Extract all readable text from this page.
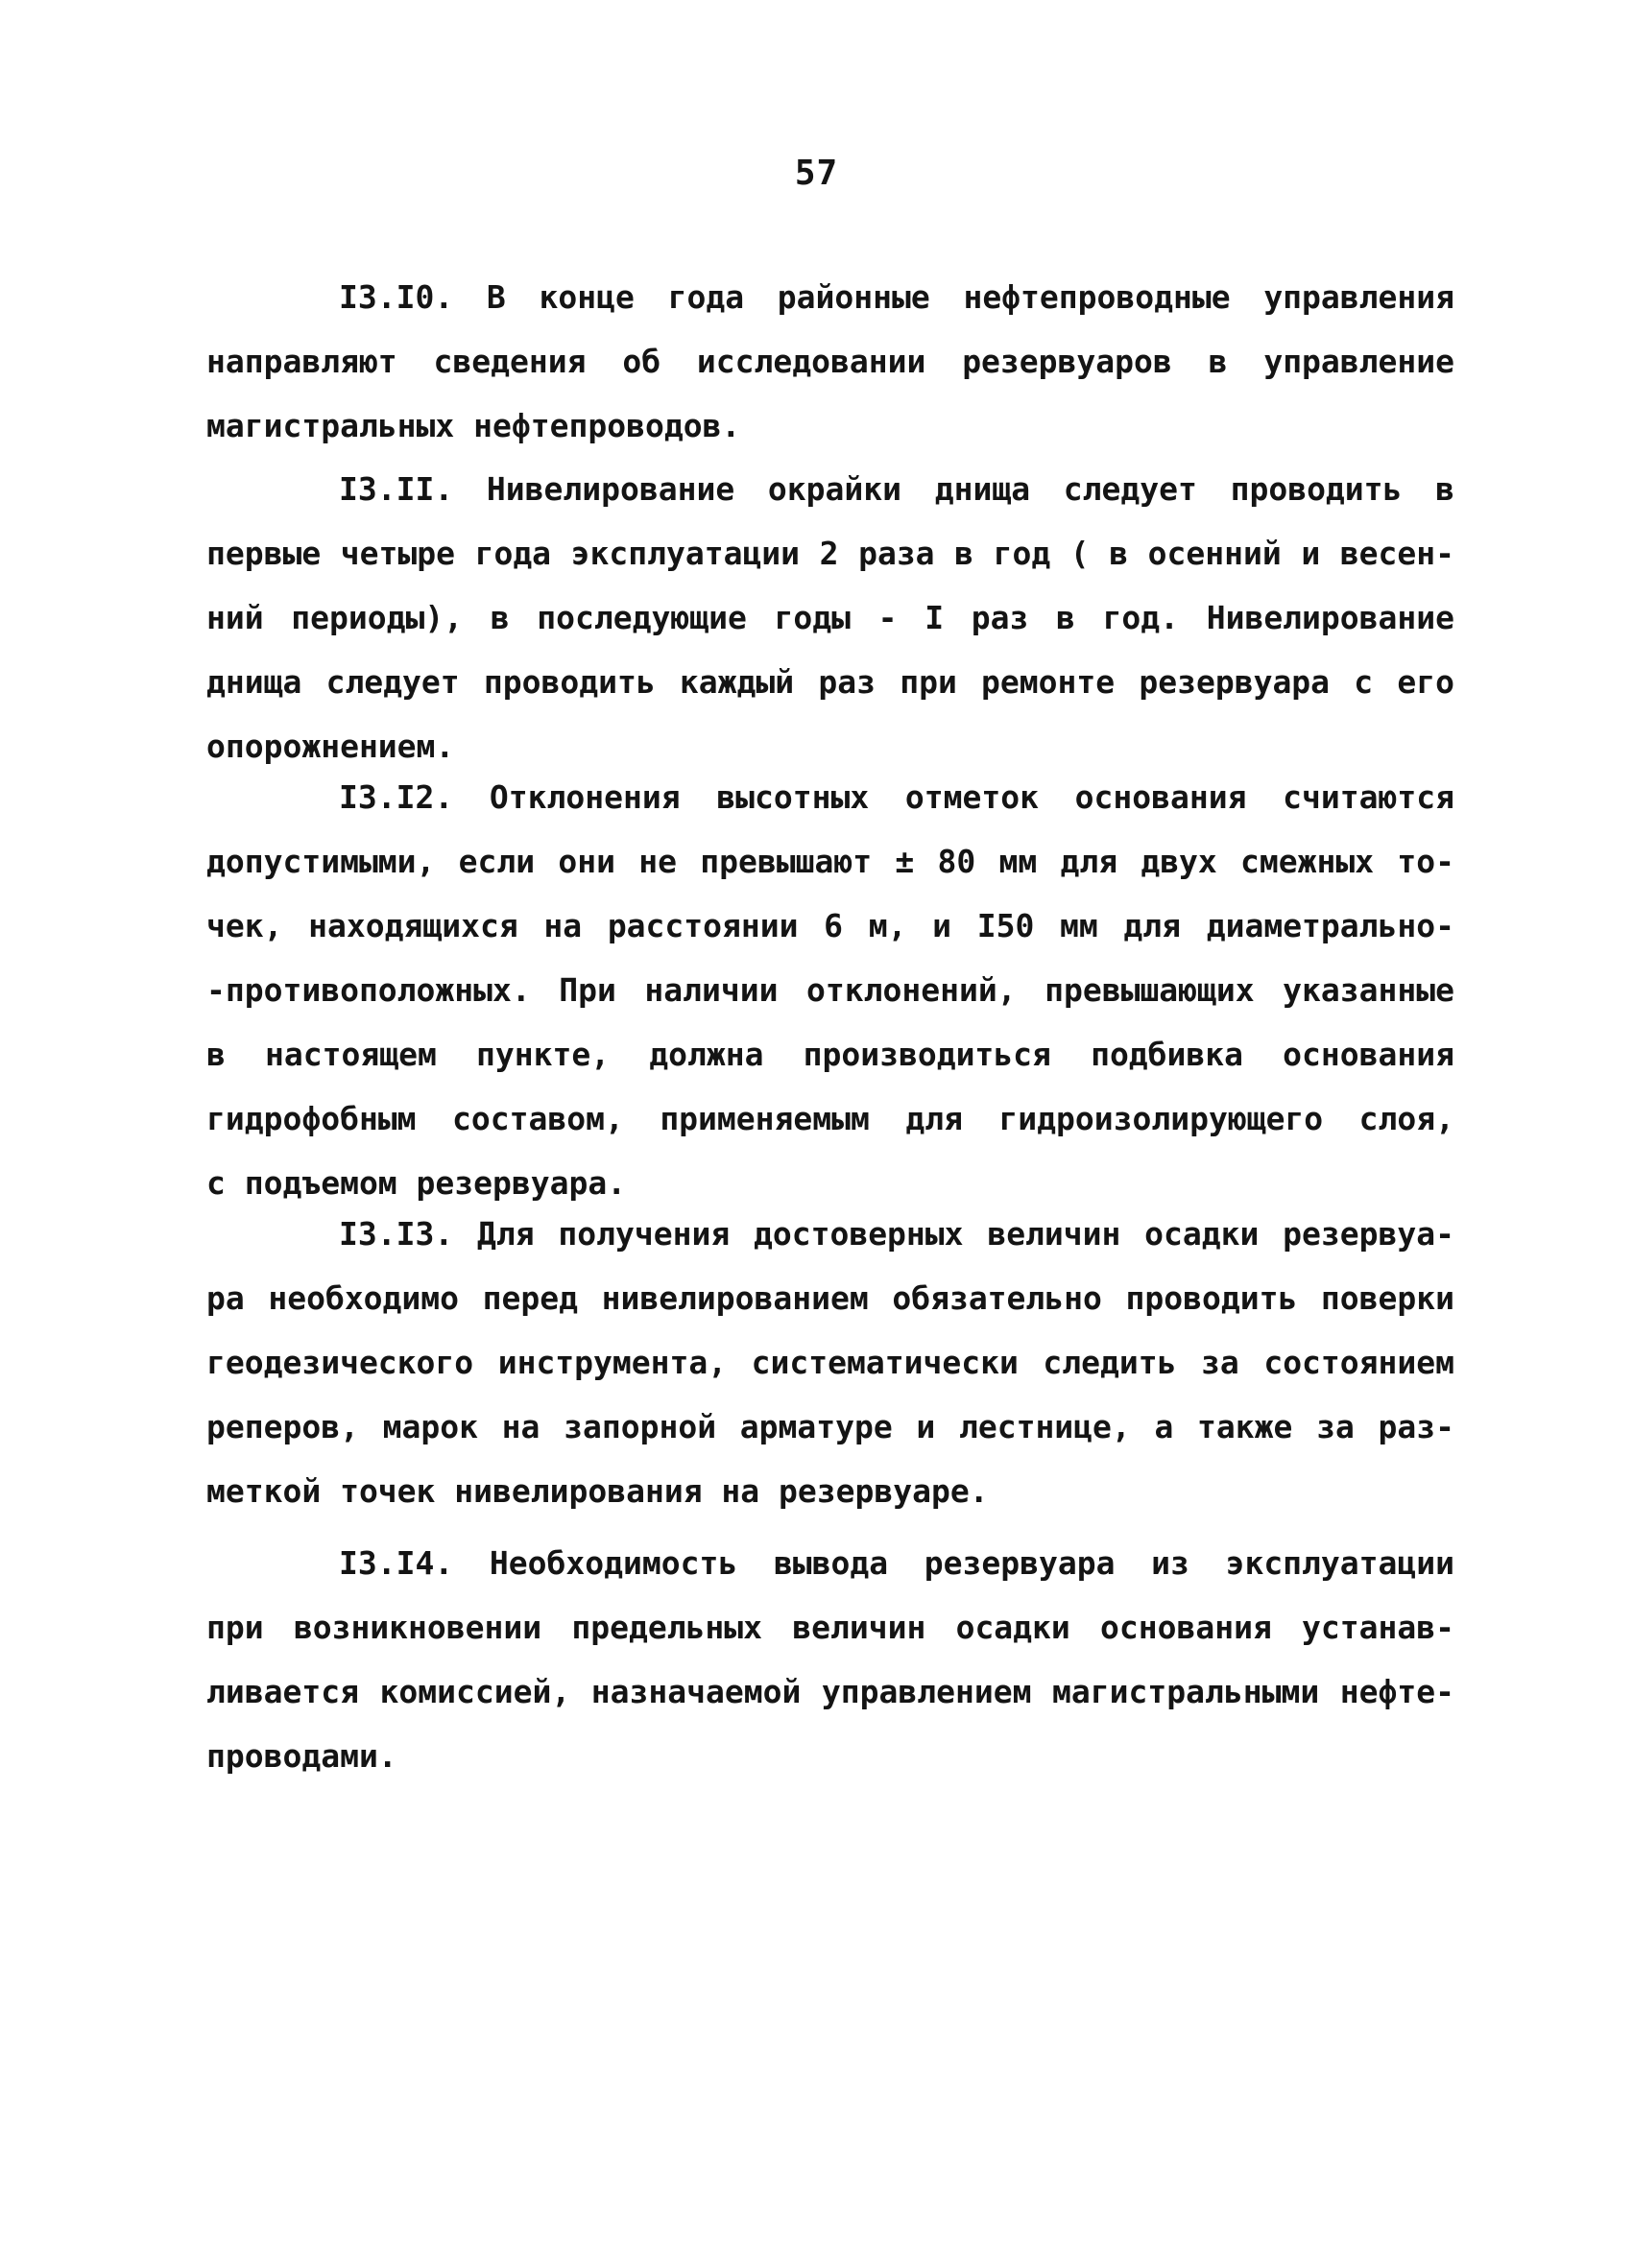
57
I3.I0. В конце года районные нефтепроводные управления
направляют сведения об исследовании резервуаров в управление
магистральных нефтепроводов.
I3.II. Нивелирование окрайки днища следует проводить в
первые четыре года эксплуатации 2 раза в год ( в осенний и весен-
ний периоды), в последующие годы - I раз в год. Нивелирование
днища следует проводить каждый раз при ремонте резервуара с его
опорожнением.
I3.I2. Отклонения высотных отметок основания считаются
допустимыми, если они не превышают ± 80 мм для двух смежных то-
чек, находящихся на расстоянии 6 м, и I50 мм для диаметрально-
-противоположных. При наличии отклонений, превышающих указанные
в настоящем пункте, должна производиться подбивка основания
гидрофобным составом, применяемым для гидроизолирующего слоя,
с подъемом резервуара.
I3.I3. Для получения достоверных величин осадки резервуа-
ра необходимо перед нивелированием обязательно проводить поверки
геодезического инструмента, систематически следить за состоянием
реперов, марок на запорной арматуре и лестнице, а также за раз-
меткой точек нивелирования на резервуаре.
I3.I4. Необходимость вывода резервуара из эксплуатации
при возникновении предельных величин осадки основания устанав-
ливается комиссией, назначаемой управлением магистральными нефте-
проводами.
